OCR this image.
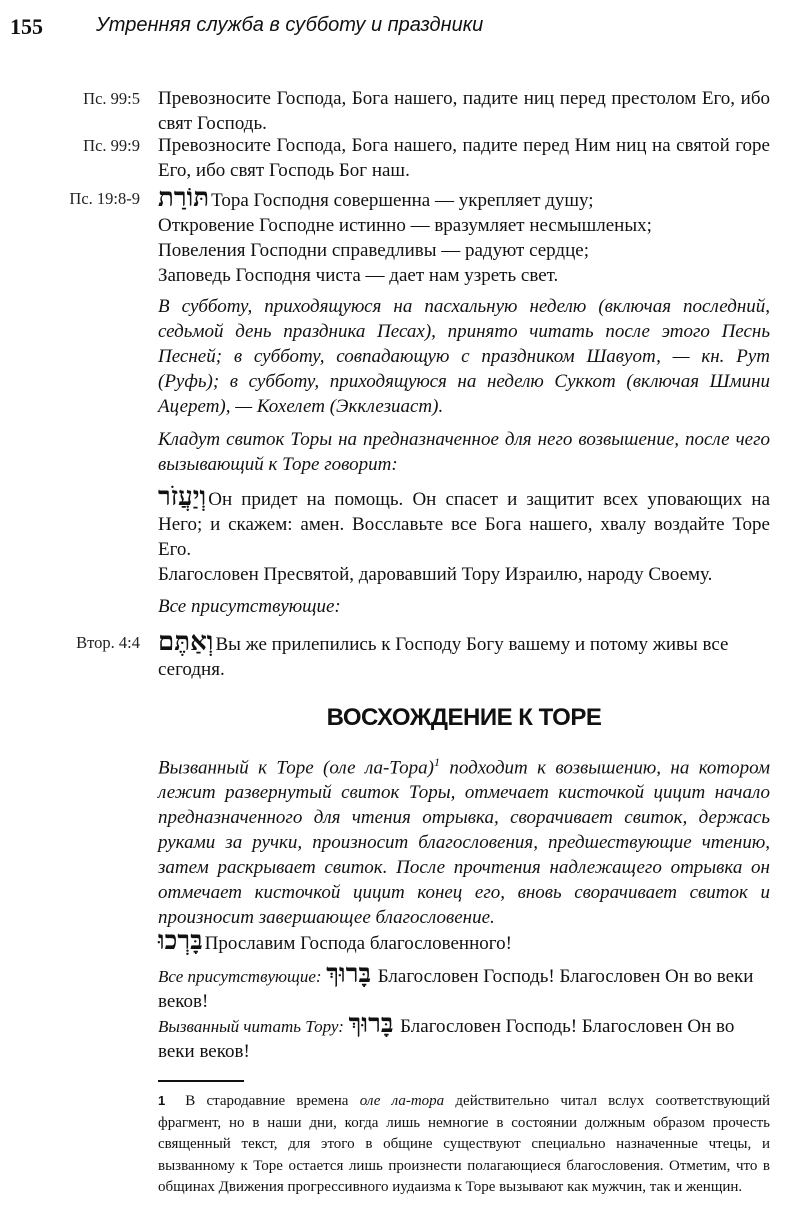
155	Утренняя служба в субботу и праздники
Пс. 99:5 Превозносите Господа, Бога нашего, падите ниц перед престолом Его, ибо свят Господь.
Пс. 99:9 Превозносите Господа, Бога нашего, падите перед Ним ниц на святой горе Его, ибо свят Господь Бог наш.
Пс. 19:8-9 תּוֹרַת Тора Господня совершенна — укрепляет душу;

Откровение Господне истинно — вразумляет несмышленых;

Повеления Господни справедливы — радуют сердце;

Заповедь Господня чиста — дает нам узреть свет.

В субботу, приходящуюся на пасхальную неделю (включая последний, седьмой день праздника Песах), принято читать после этого Песнь Песней; в субботу, совпадающую с праздником Шавуот, — кн. Рут (Руфь); в субботу, приходящуюся на неделю Суккот (включая Шмини Ацерет), — Кохелет (Экклезиаст).
Кладут свиток Торы на предназначенное для него возвышение, после чего вызывающий к Торе говорит:

וְיַעֲזֹר Он придет на помощь. Он спасет и защитит всех уповающих на Него; и скажем: амен. Восславьте все Бога нашего, хвалу воздайте Торе Его.

Благословен Пресвятой, даровавший Тору Израилю, народу Своему.

Все присутствующие:
Втор. 4:4 וְאַתֶּם Вы же прилепились к Господу Богу вашему и потому живы все сегодня.

ВОСХОЖДЕНИЕ К ТОРЕ
Вызванный к Торе (оле ла-Тора)$^1$ подходит к возвышению, на котором лежит развернутый свиток Торы, отмечает кисточкой цицит начало предназначенного для чтения отрывка, сворачивает свиток, держась руками за ручки, произносит благословения, предшествующие чтению, затем раскрывает свиток. После прочтения надлежащего отрывка он отмечает кисточкой цицит конец его, вновь сворачивает свиток и произносит завершающее благословение.

בָּרְכוּ Прославим Господа благословенного!

Все присутствующие: בָּרוּךְ Благословен Господь! Благословен Он во веки веков!
Вызванный читать Тору: בָּרוּךְ Благословен Господь! Благословен Он во веки веков!
1 В стародавние времена оле ла-тора действительно читал вслух соответствующий фрагмент, но в наши дни, когда лишь немногие в состоянии должным образом прочесть священный текст, для этого в общине существуют специально назначенные чтецы, и вызванному к Торе остается лишь произнести полагающиеся благословения. Отметим, что в общинах Движения прогрессивного иудаизма к Торе вызывают как мужчин, так и женщин.
